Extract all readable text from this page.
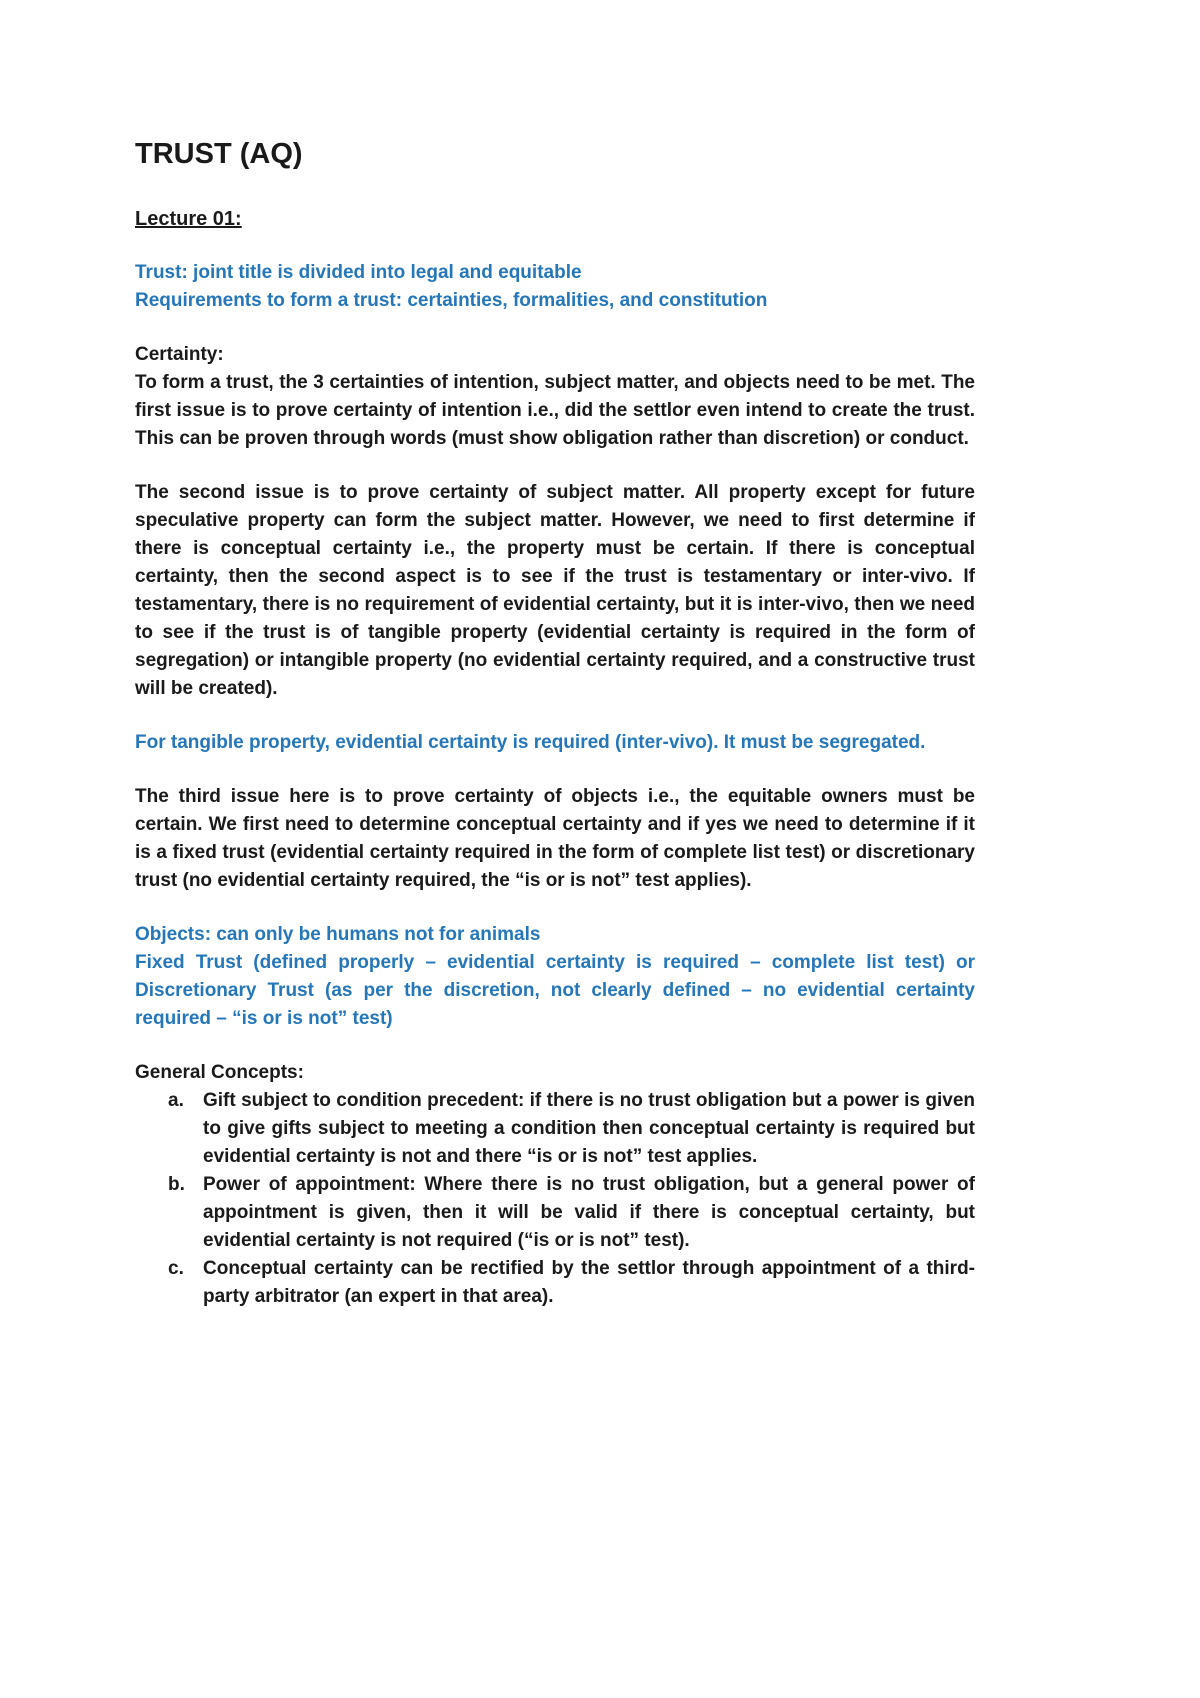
TRUST (AQ)
Lecture 01:

Trust: joint title is divided into legal and equitable

Requirements to form a trust: certainties, formalities, and constitution

Certainty:

To form a trust, the 3 certainties of intention, subject matter, and objects need to be met. The first issue is to prove certainty of intention i.e., did the settlor even intend to create the trust. This can be proven through words (must show obligation rather than discretion) or conduct.

The second issue is to prove certainty of subject matter. All property except for future speculative property can form the subject matter. However, we need to first determine if there is conceptual certainty i.e., the property must be certain. If there is conceptual certainty, then the second aspect is to see if the trust is testamentary or inter-vivo. If testamentary, there is no requirement of evidential certainty, but it is inter-vivo, then we need to see if the trust is of tangible property (evidential certainty is required in the form of segregation) or intangible property (no evidential certainty required, and a constructive trust will be created).

For tangible property, evidential certainty is required (inter-vivo). It must be segregated.

The third issue here is to prove certainty of objects i.e., the equitable owners must be certain. We first need to determine conceptual certainty and if yes we need to determine if it is a fixed trust (evidential certainty required in the form of complete list test) or discretionary trust (no evidential certainty required, the “is or is not” test applies).

Objects: can only be humans not for animals

Fixed Trust (defined properly – evidential certainty is required – complete list test) or Discretionary Trust (as per the discretion, not clearly defined – no evidential certainty required – “is or is not” test)

General Concepts:
a.	Gift subject to condition precedent: if there is no trust obligation but a power is given to give gifts subject to meeting a condition then conceptual certainty is required but evidential certainty is not and there “is or is not” test applies.
b. Power of appointment: Where there is no trust obligation, but a general power of appointment is given, then it will be valid if there is conceptual certainty, but evidential certainty is not required (“is or is not” test).
c.	Conceptual certainty can be rectified by the settlor through appointment of a third-party arbitrator (an expert in that area).
